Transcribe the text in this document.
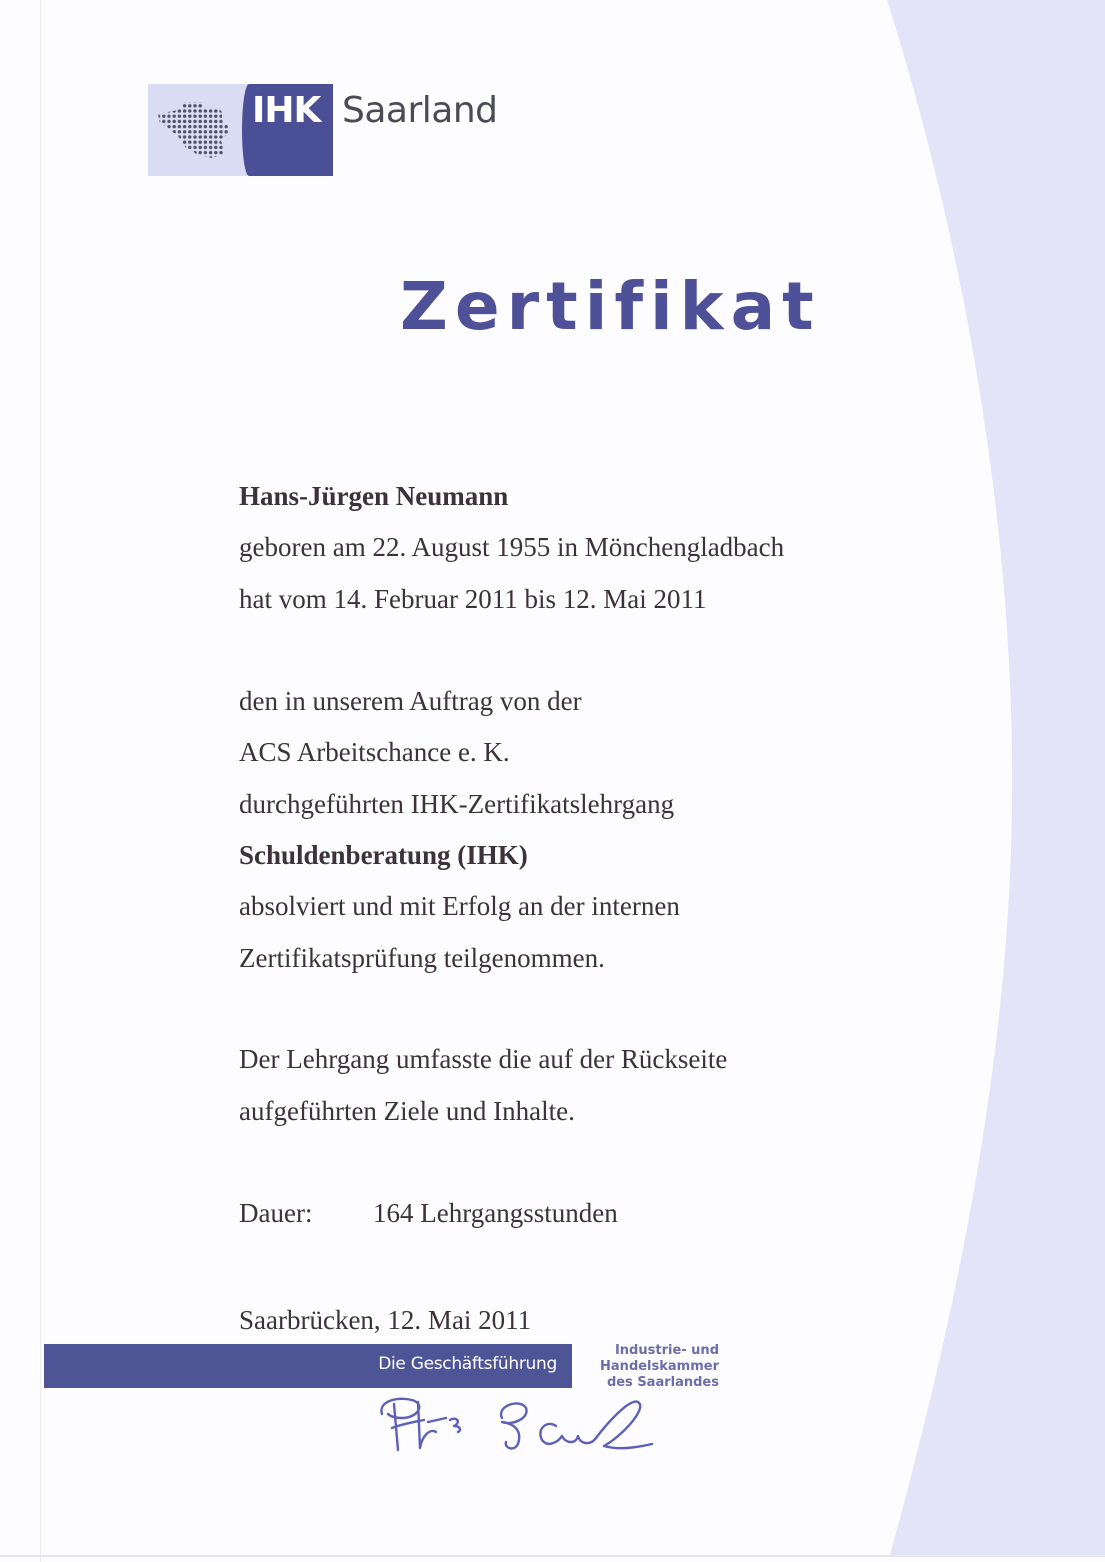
IHK Saarland
Zertifikat
Hans-Jürgen Neumann
geboren am 22. August 1955 in Mönchengladbach
hat vom 14. Februar 2011 bis 12. Mai 2011
den in unserem Auftrag von der
ACS Arbeitschance e. K.
durchgeführten IHK-Zertifikatslehrgang
Schuldenberatung (IHK)
absolviert und mit Erfolg an der internen
Zertifikatsprüfung teilgenommen.
Der Lehrgang umfasste die auf der Rückseite
aufgeführten Ziele und Inhalte.
Dauer: 164 Lehrgangsstunden
Saarbrücken, 12. Mai 2011
Die Geschäftsführung
Industrie- und
Handelskammer
des Saarlandes
